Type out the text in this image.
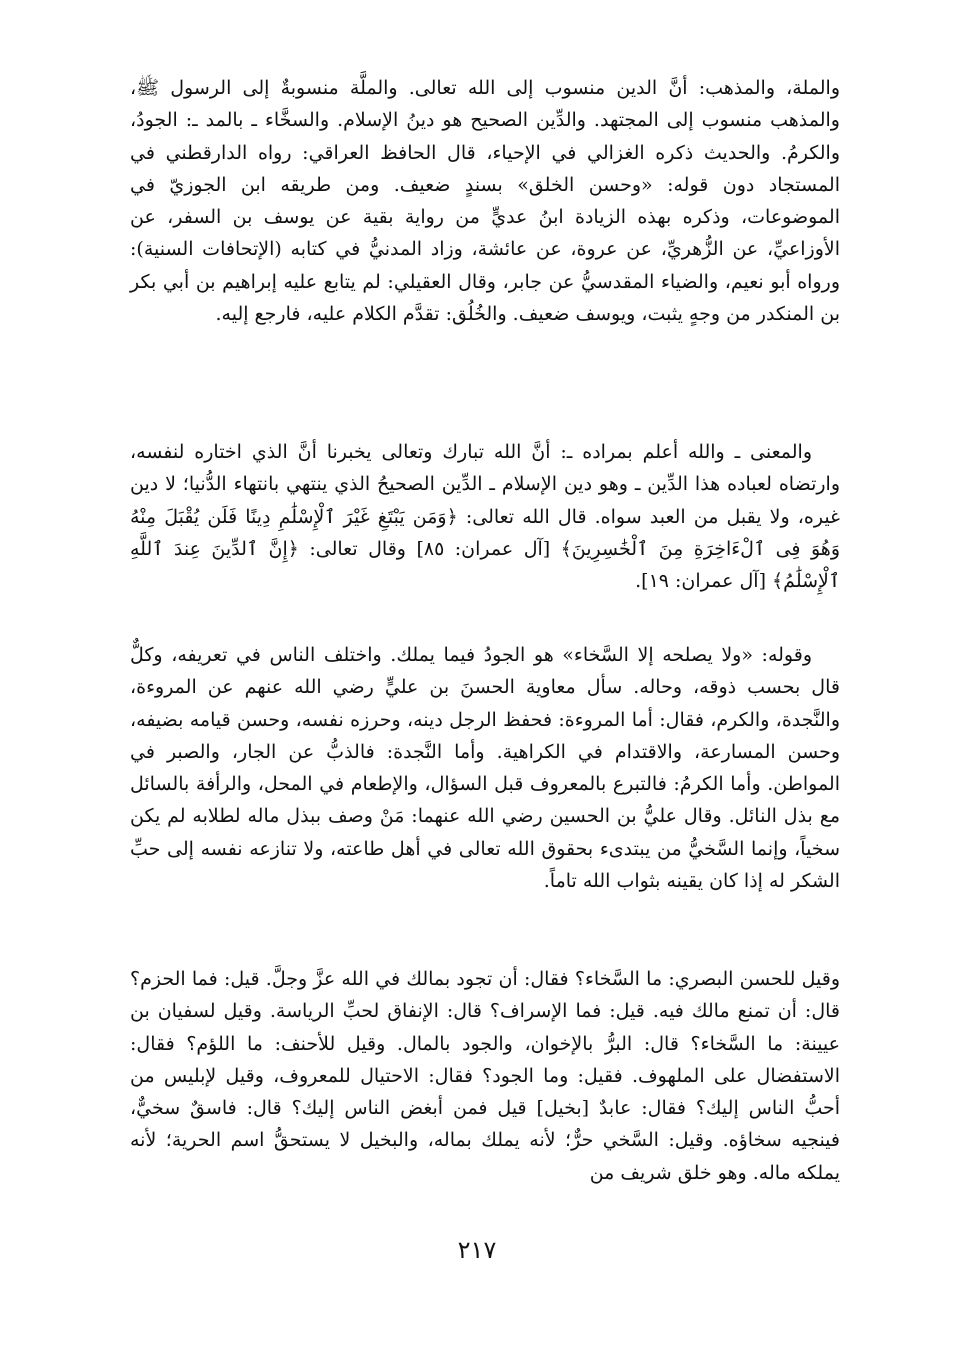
والملة، والمذهب: أنَّ الدين منسوب إلى الله تعالى. والملَّة منسوبةٌ إلى الرسول ﷺ، والمذهب منسوب إلى المجتهد. والدِّين الصحيح هو دينُ الإسلام. والسخَّاء ـ بالمد ـ: الجودُ، والكرمُ. والحديث ذكره الغزالي في الإحياء، قال الحافظ العراقي: رواه الدارقطني في المستجاد دون قوله: «وحسن الخلق» بسندٍ ضعيف. ومن طريقه ابن الجوزيّ في الموضوعات، وذكره بهذه الزيادة ابنُ عديٍّ من رواية بقية عن يوسف بن السفر، عن الأوزاعيِّ، عن الزُّهريِّ، عن عروة، عن عائشة، وزاد المدنيُّ في كتابه (الإتحافات السنية): ورواه أبو نعيم، والضياء المقدسيُّ عن جابر، وقال العقيلي: لم يتابع عليه إبراهيم بن أبي بكر بن المنكدر من وجهٍ يثبت، ويوسف ضعيف. والخُلُق: تقدَّم الكلام عليه، فارجع إليه.

والمعنى ـ والله أعلم بمراده ـ: أنَّ الله تبارك وتعالى يخبرنا أنَّ الذي اختاره لنفسه، وارتضاه لعباده هذا الدِّين ـ وهو دين الإسلام ـ الدِّين الصحيحُ الذي ينتهي بانتهاء الدُّنيا؛ لا دين غيره، ولا يقبل من العبد سواه. قال الله تعالى: ﴿وَمَن يَبْتَغِ غَيْرَ ٱلْإِسْلَٰمِ دِينًا فَلَن يُقْبَلَ مِنْهُ وَهُوَ فِى ٱلْءَاخِرَةِ مِنَ ٱلْخَٰسِرِينَ﴾ [آل عمران: ٨٥] وقال تعالى: ﴿إِنَّ ٱلدِّينَ عِندَ ٱللَّهِ ٱلْإِسْلَٰمُ﴾ [آل عمران: ١٩].

وقوله: «ولا يصلحه إلا السَّخاء» هو الجودُ فيما يملك. واختلف الناس في تعريفه، وكلٌّ قال بحسب ذوقه، وحاله. سأل معاوية الحسنَ بن عليٍّ رضي الله عنهم عن المروءة، والنَّجدة، والكرم، فقال: أما المروءة: فحفظ الرجل دينه، وحرزه نفسه، وحسن قيامه بضيفه، وحسن المسارعة، والاقتدام في الكراهية. وأما النَّجدة: فالذبُّ عن الجار، والصبر في المواطن. وأما الكرمُ: فالتبرع بالمعروف قبل السؤال، والإطعام في المحل، والرأفة بالسائل مع بذل النائل. وقال عليُّ بن الحسين رضي الله عنهما: مَنْ وصف ببذل ماله لطلابه لم يكن سخياً، وإنما السَّخيُّ من يبتدىء بحقوق الله تعالى في أهل طاعته، ولا تنازعه نفسه إلى حبِّ الشكر له إذا كان يقينه بثواب الله تاماً.

وقيل للحسن البصري: ما السَّخاء؟ فقال: أن تجود بمالك في الله عزَّ وجلَّ. قيل: فما الحزم؟ قال: أن تمنع مالك فيه. قيل: فما الإسراف؟ قال: الإنفاق لحبِّ الرياسة. وقيل لسفيان بن عيينة: ما السَّخاء؟ قال: البرُّ بالإخوان، والجود بالمال. وقيل للأحنف: ما اللؤم؟ فقال: الاستفضال على الملهوف. فقيل: وما الجود؟ فقال: الاحتيال للمعروف، وقيل لإبليس من أحبُّ الناس إليك؟ فقال: عابدٌ [بخيل] قيل فمن أبغض الناس إليك؟ قال: فاسقٌ سخيٌّ، فينجيه سخاؤه. وقيل: السَّخي حرٌّ؛ لأنه يملك بماله، والبخيل لا يستحقُّ اسم الحرية؛ لأنه يملكه ماله. وهو خلق شريف من

٢١٧
